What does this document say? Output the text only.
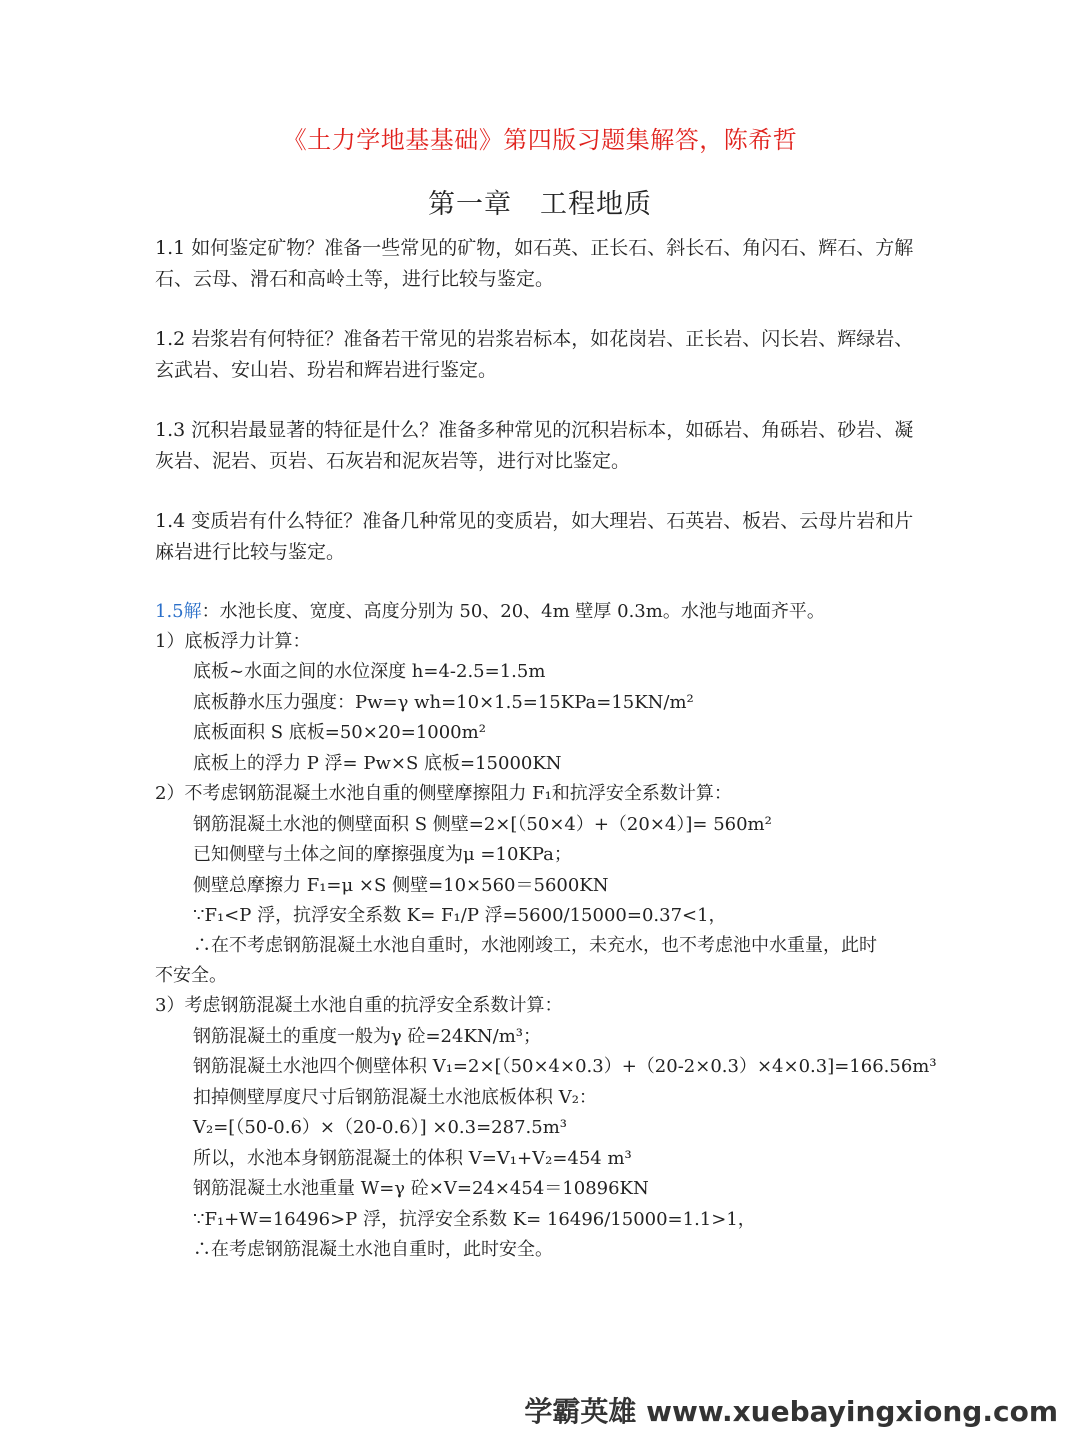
《土力学地基基础》第四版习题集解答，陈希哲
第一章　工程地质
1.1 如何鉴定矿物？准备一些常见的矿物，如石英、正长石、斜长石、角闪石、辉石、方解石、云母、滑石和高岭土等，进行比较与鉴定。
1.2 岩浆岩有何特征？准备若干常见的岩浆岩标本，如花岗岩、正长岩、闪长岩、辉绿岩、玄武岩、安山岩、玢岩和辉岩进行鉴定。
1.3 沉积岩最显著的特征是什么？准备多种常见的沉积岩标本，如砾岩、角砾岩、砂岩、凝灰岩、泥岩、页岩、石灰岩和泥灰岩等，进行对比鉴定。
1.4 变质岩有什么特征？准备几种常见的变质岩，如大理岩、石英岩、板岩、云母片岩和片麻岩进行比较与鉴定。
1.5解：水池长度、宽度、高度分别为 50、20、4m 壁厚 0.3m。水池与地面齐平。
1）底板浮力计算：
底板~水面之间的水位深度 h=4-2.5=1.5m
底板静水压力强度：Pw=γ wh=10×1.5=15KPa=15KN/m²
底板面积 S 底板=50×20=1000m²
底板上的浮力 P 浮= Pw×S 底板=15000KN
2）不考虑钢筋混凝土水池自重的侧壁摩擦阻力 F₁和抗浮安全系数计算：
钢筋混凝土水池的侧壁面积 S 侧壁=2×[（50×4）+（20×4）]= 560m²
已知侧壁与土体之间的摩擦强度为μ =10KPa；
侧壁总摩擦力 F₁=μ ×S 侧壁=10×560＝5600KN
∵F₁<P 浮，抗浮安全系数 K= F₁/P 浮=5600/15000=0.37<1，
∴在不考虑钢筋混凝土水池自重时，水池刚竣工，未充水，也不考虑池中水重量，此时
不安全。
3）考虑钢筋混凝土水池自重的抗浮安全系数计算：
钢筋混凝土的重度一般为γ 砼=24KN/m³；
钢筋混凝土水池四个侧壁体积 V₁=2×[（50×4×0.3）+（20-2×0.3）×4×0.3]=166.56m³
扣掉侧壁厚度尺寸后钢筋混凝土水池底板体积 V₂：
V₂=[（50-0.6）×（20-0.6）] ×0.3=287.5m³
所以，水池本身钢筋混凝土的体积 V=V₁+V₂=454 m³
钢筋混凝土水池重量 W=γ 砼×V=24×454＝10896KN
∵F₁+W=16496>P 浮，抗浮安全系数 K= 16496/15000=1.1>1，
∴在考虑钢筋混凝土水池自重时，此时安全。
学霸英雄 www.xuebayingxiong.com
